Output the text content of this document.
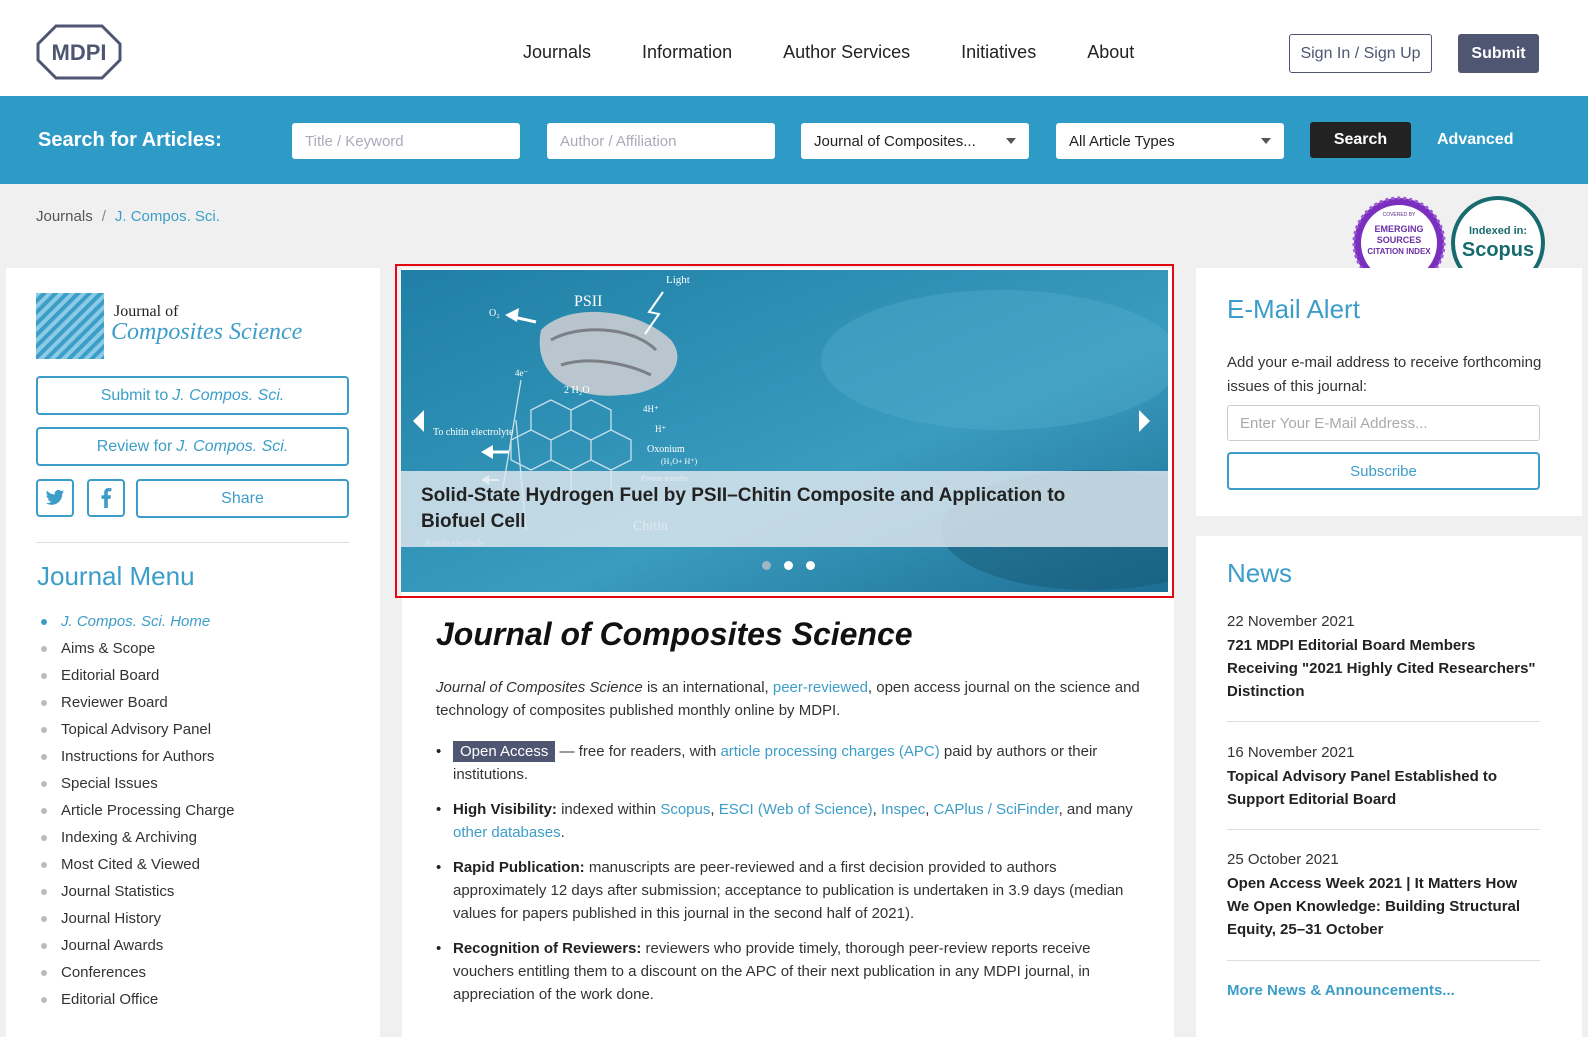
MDPI	Journals	Information	Author Services	Initiatives	About	Sign In / Sign Up	Submit
Search for Articles:	Title / Keyword	Author / Affiliation	Journal of Composites...	All Article Types	Search	Advanced
Journals / J. Compos. Sci.	COVERED BY
EMERGING
SOURCES
CITATION INDEX
Indexed in:
Scopus
Journal of
Composites Science
Submit to J. Compos. Sci.
Review for J. Compos. Sci.
Share
Journal Menu
J. Compos. Sci. Home
Aims & Scope
Editorial Board
Reviewer Board
Topical Advisory Panel
Instructions for Authors
Special Issues
Article Processing Charge
Indexing & Archiving
Most Cited & Viewed
Journal Statistics
Journal History
Journal Awards
Conferences
Editorial Office
Light
PSII
O₂
4e⁻
2 H₂O
4H⁺
H⁺
To chitin electrolyte
Oxonium
(H₃O+ H⁺)
Solid-State Hydrogen Fuel by PSII–Chitin Composite and Application to
Biofuel Cell
Journal of Composites Science
Journal of Composites Science is an international, peer-reviewed, open access journal on the science and technology of composites published monthly online by MDPI.
• Open Access — free for readers, with article processing charges (APC) paid by authors or their institutions.
• High Visibility: indexed within Scopus, ESCI (Web of Science), Inspec, CAPlus / SciFinder, and many other databases.
• Rapid Publication: manuscripts are peer-reviewed and a first decision provided to authors approximately 12 days after submission; acceptance to publication is undertaken in 3.9 days (median values for papers published in this journal in the second half of 2021).
• Recognition of Reviewers: reviewers who provide timely, thorough peer-review reports receive vouchers entitling them to a discount on the APC of their next publication in any MDPI journal, in appreciation of the work done.
E-Mail Alert
Add your e-mail address to receive forthcoming issues of this journal:
Enter Your E-Mail Address...
Subscribe
News
22 November 2021
721 MDPI Editorial Board Members Receiving "2021 Highly Cited Researchers" Distinction
16 November 2021
Topical Advisory Panel Established to Support Editorial Board
25 October 2021
Open Access Week 2021 | It Matters How We Open Knowledge: Building Structural Equity, 25–31 October
More News & Announcements...
